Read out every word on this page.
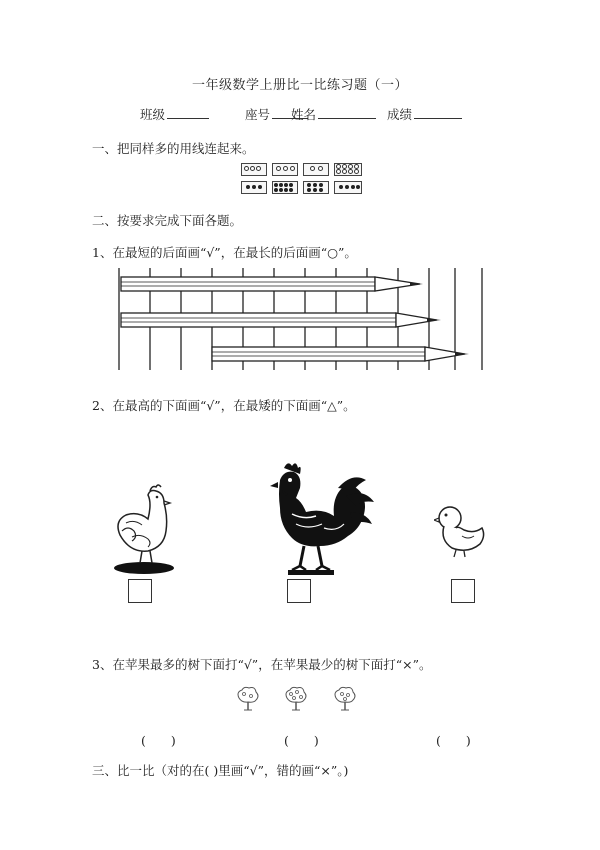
一年级数学上册比一比练习题（一）
班级	座号	姓名	成绩
一、把同样多的用线连起来。
二、按要求完成下面各题。
1、在最短的后面画“√”，在最长的后面画“○”。
2、在最高的下面画“√”，在最矮的下面画“△”。
3、在苹果最多的树下面打“√”，在苹果最少的树下面打“×”。
(　　)	(　　)	(　　)
三、比一比（对的在( )里画“√”，错的画“×”。)
